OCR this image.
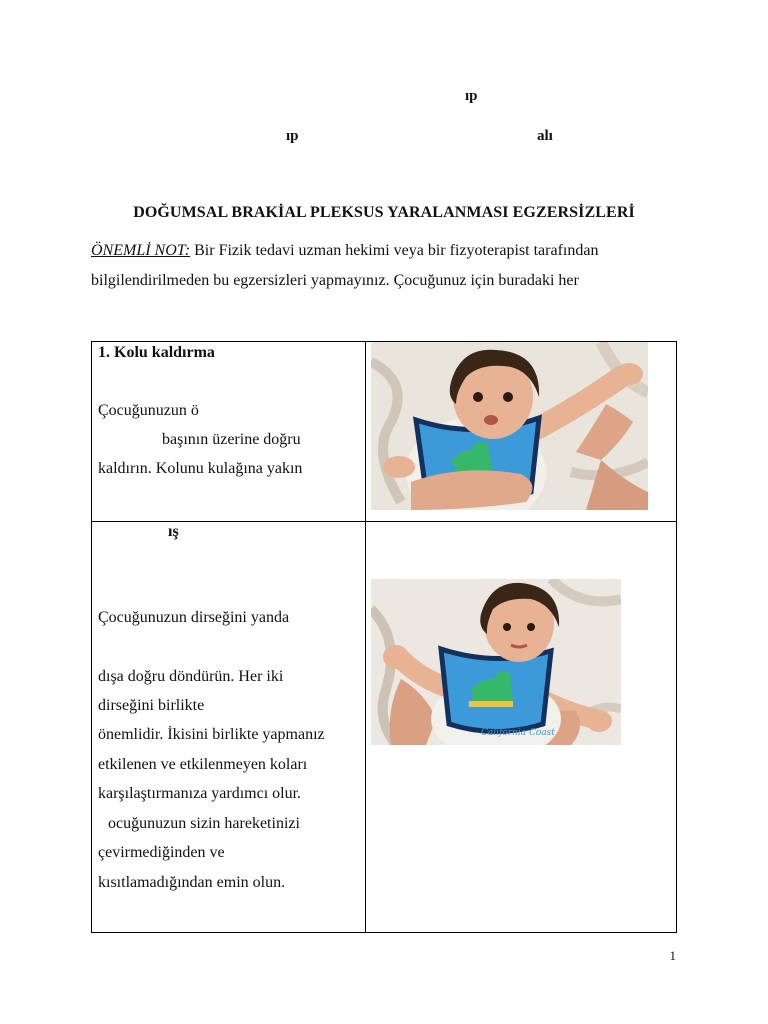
ıp
ıp	alı
DOĞUMSAL BRAKİAL PLEKSUS YARALANMASI EGZERSİZLERİ
ÖNEMLİ NOT: Bir Fizik tedavi uzman hekimi veya bir fizyoterapist tarafından
bilgilendirilmeden bu egzersizleri yapmayınız. Çocuğunuz için buradaki her
1. Kolu kaldırma
Çocuğunuzun ö
başının üzerine doğru
kaldırın. Kolunu kulağına yakın
ış
Çocuğunuzun dirseğini yanda
dışa doğru döndürün. Her iki
dirseğini birlikte
önemlidir. İkisini birlikte yapmanız
etkilenen ve etkilenmeyen koları
karşılaştırmanıza yardımcı olur.
ocuğunuzun sizin hareketinizi
çevirmediğinden ve
kısıtlamadığından emin olun.
California Coast
1
